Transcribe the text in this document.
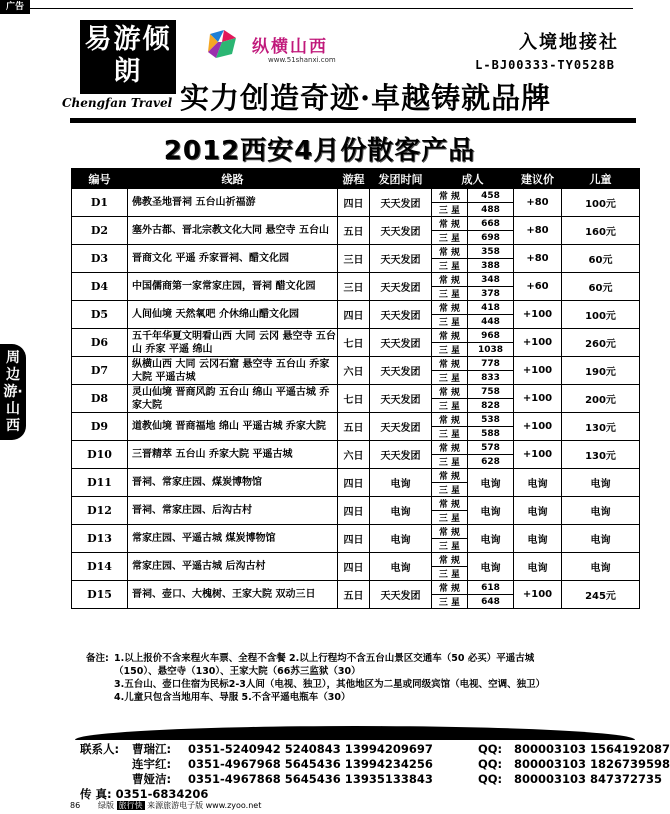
广告
易游倾朗
Chengfan Travel
纵横山西
www.51shanxi.com
入境地接社
L-BJ00333-TY0528B
实力创造奇迹·卓越铸就品牌
2012西安4月份散客产品
周边游·山西
编号	线路	游程	发团时间	成人		建议价	儿童
D1	佛教圣地晋祠 五台山祈福游	四日	天天发团	常 规	458	+80	100元
				三 星	488		
D2	塞外古都、晋北宗教文化大同 悬空寺 五台山	五日	天天发团	常 规	668	+80	160元
				三 星	698		
D3	晋商文化 平遥 乔家晋祠、醋文化园	三日	天天发团	常 规	358	+80	60元
				三 星	388		
D4	中国儒商第一家常家庄园，晋祠 醋文化园	三日	天天发团	常 规	348	+60	60元
				三 星	378		
D5	人间仙境 天然氧吧 介休绵山醋文化园	四日	天天发团	常 规	418	+100	100元
				三 星	448		
D6	五千年华夏文明看山西 大同 云冈 悬空寺 五台山 乔家 平遥 绵山	七日	天天发团	常 规	968	+100	260元
				三 星	1038		
D7	纵横山西 大同 云冈石窟 悬空寺 五台山 乔家大院 平遥古城	六日	天天发团	常 规	778	+100	190元
				三 星	833		
D8	灵山仙境 晋商风韵 五台山 绵山 平遥古城 乔家大院	七日	天天发团	常 规	758	+100	200元
				三 星	828		
D9	道教仙境 晋商福地 绵山 平遥古城 乔家大院	五日	天天发团	常 规	538	+100	130元
				三 星	588		
D10	三晋精萃 五台山 乔家大院 平遥古城	六日	天天发团	常 规	578	+100	130元
				三 星	628		
D11	晋祠、常家庄园、煤炭博物馆	四日	电询	常 规	电询	电询	电询
				三 星			
D12	晋祠、常家庄园、后沟古村	四日	电询	常 规	电询	电询	电询
				三 星			
D13	常家庄园、平遥古城 煤炭博物馆	四日	电询	常 规	电询	电询	电询
				三 星			
D14	常家庄园、平遥古城 后沟古村	四日	电询	常 规	电询	电询	电询
				三 星			
D15	晋祠、壶口、大槐树、王家大院 双动三日	五日	天天发团	常 规	618	+100	245元
				三 星	648		
备注: 1.以上报价不含来程火车票、全程不含餐 2.以上行程均不含五台山景区交通车（50 必买）平遥古城
（150）、悬空寺（130）、王家大院（66苏三监狱（30）
3.五台山、壶口住宿为民标2-3人间（电视、独卫），其他地区为二星或同级宾馆（电视、空调、独卫）
4.儿童只包含当地用车、导服 5.不含平遥电瓶车（30）
联系人:	曹瑞江:	0351-5240942 5240843 13994209697	QQ:	800003103 1564192087
连宇红:	0351-4967968 5645436 13994234256	QQ:	800003103 1826739598
曹娅洁:	0351-4967868 5645436 13935133843	QQ:	800003103 847372735
传 真: 0351-6834206
86 绿版 旅行快 来源旅游电子版 www.zyoo.net
